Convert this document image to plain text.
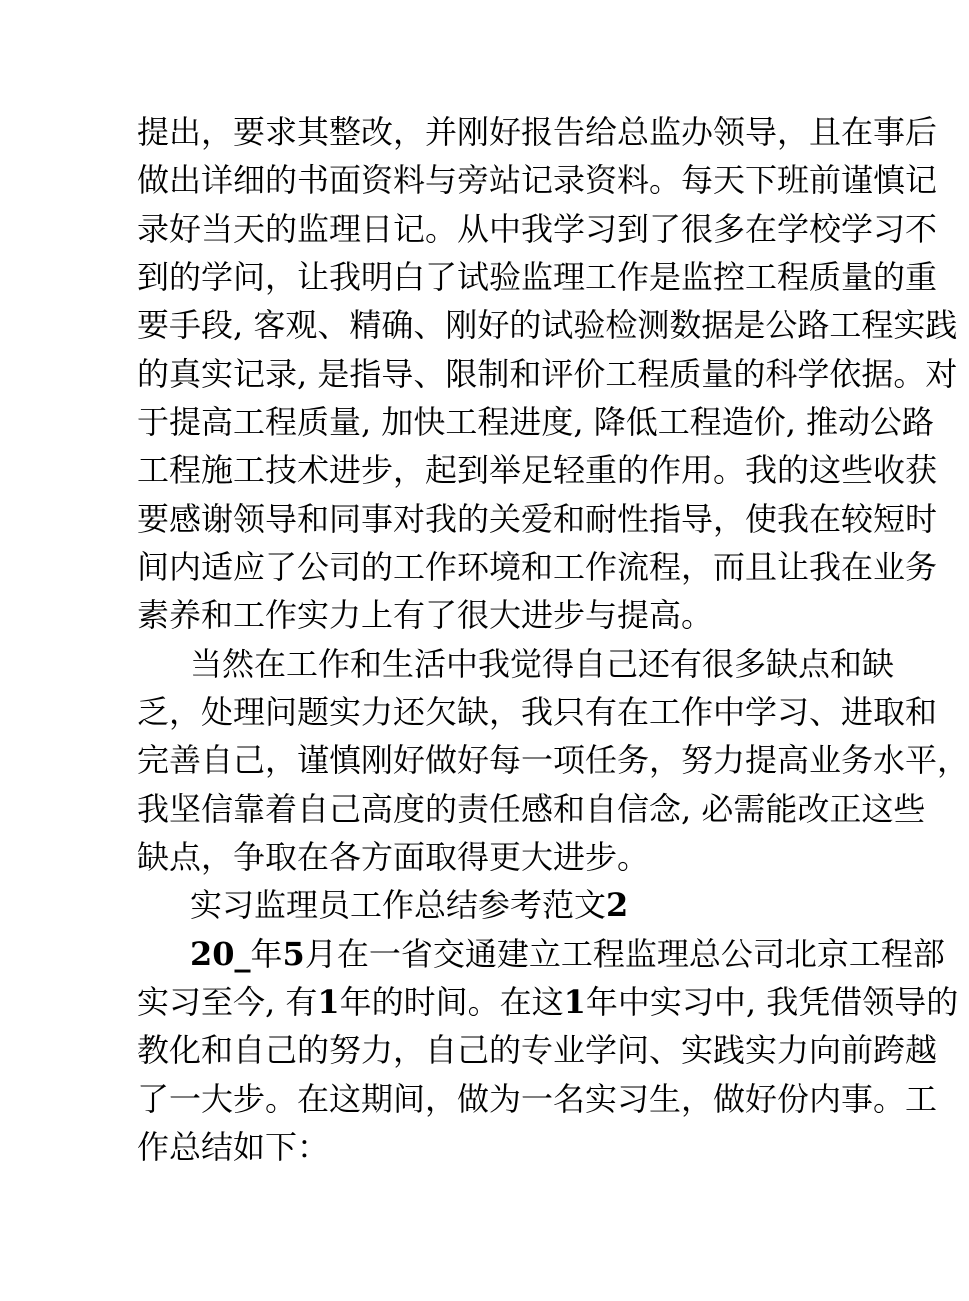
提出，要求其整改，并刚好报告给总监办领导，且在事后
做出详细的书面资料与旁站记录资料。每天下班前谨慎记
录好当天的监理日记。从中我学习到了很多在学校学习不
到的学问，让我明白了试验监理工作是监控工程质量的重
要手段, 客观、精确、刚好的试验检测数据是公路工程实践
的真实记录, 是指导、限制和评价工程质量的科学依据。对
于提高工程质量, 加快工程进度, 降低工程造价, 推动公路
工程施工技术进步，起到举足轻重的作用。我的这些收获
要感谢领导和同事对我的关爱和耐性指导，使我在较短时
间内适应了公司的工作环境和工作流程，而且让我在业务
素养和工作实力上有了很大进步与提高。
当然在工作和生活中我觉得自己还有很多缺点和缺
乏，处理问题实力还欠缺，我只有在工作中学习、进取和
完善自己，谨慎刚好做好每一项任务，努力提高业务水平，
我坚信靠着自己高度的责任感和自信念, 必需能改正这些
缺点，争取在各方面取得更大进步。
实习监理员工作总结参考范文2
20_年5月在一省交通建立工程监理总公司北京工程部
实习至今, 有1年的时间。在这1年中实习中, 我凭借领导的
教化和自己的努力，自己的专业学问、实践实力向前跨越
了一大步。在这期间，做为一名实习生，做好份内事。工
作总结如下：
